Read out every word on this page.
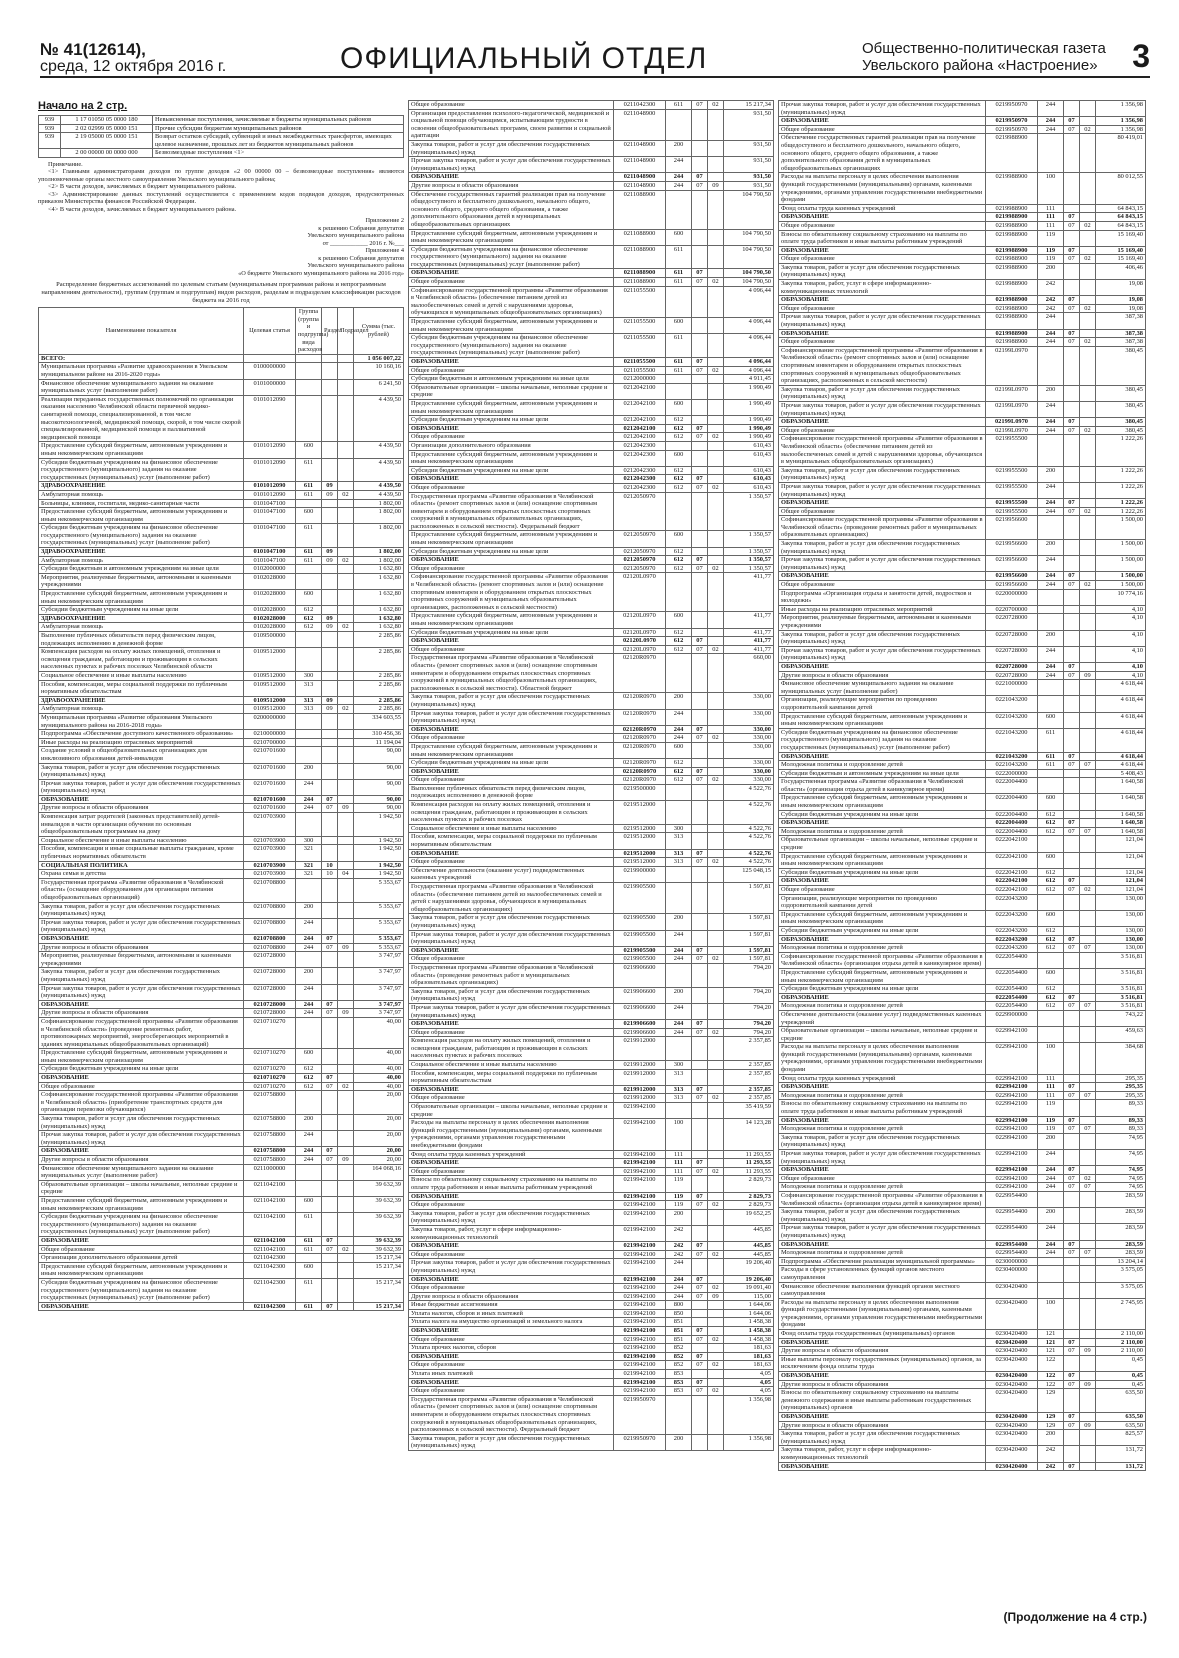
№ 41(12614),
среда, 12 октября 2016 г.	ОФИЦИАЛЬНЫЙ ОТДЕЛ	Общественно-политическая газета
Увельского района «Настроение» 3
Начало на 2 стр.
939	1 17 01050 05 0000 180	Невыясненные поступления, зачисляемые в бюджеты муниципальных районов
939	2 02 02999 05 0000 151	Прочие субсидии бюджетам муниципальных районов
939	2 19 05000 05 0000 151	Возврат остатков субсидий, субвенций и иных межбюджетных трансфертов, имеющих целевое назначение, прошлых лет из бюджетов муниципальных районов
	2 00 00000 00 0000 000	Безвозмездные поступления <1>

Примечание.

<1> Главными администраторами доходов по группе доходов «2 00 00000 00 – безвозмездные поступления» являются уполномоченные органы местного самоуправления Увельского муниципального района;

<2> В части доходов, зачисляемых в бюджет муниципального района.

<3> Администрирование данных поступлений осуществляется с применением кодов подвидов доходов, предусмотренных приказом Министерства финансов Российской Федерации.

<4> В части доходов, зачисляемых в бюджет муниципального района.

Приложение 2
к решению Собрания депутатов
Увельского муниципального района
от ____________ 2016 г. №___
Приложение 4
к решению Собрания депутатов
Увельского муниципального района
«О бюджете Увельского муниципального района на 2016 год»
Распределение бюджетных ассигнований по целевым статьям (муниципальным программам района и непрограммным направлениям деятельности), группам (группам и подгруппам) видов расходов, разделам и подразделам классификации расходов бюджета на 2016 год
Наименование показателя	Целевая статья	Группа (группа и подгруппа) вида расходов	Раздел	Подраздел	Сумма (тыс. рублей)
ВСЕГО:					1 056 007,22
Муниципальная программа «Развитие здравоохранения в Увельском муниципальном районе на 2016-2020 годы»	0100000000				10 160,16
Финансовое обеспечение муниципального задания на оказание муниципальных услуг (выполнение работ)	0101000000				6 241,50
Реализация переданных государственных полномочий по организации оказания населению Челябинской области первичной медико-санитарной помощи, специализированной, в том числе высокотехнологичной, медицинской помощи, скорой, в том числе скорой специализированной, медицинской помощи и паллиативной медицинской помощи	0101012090				4 439,50
Предоставление субсидий бюджетным, автономным учреждениям и иным некоммерческим организациям	0101012090	600			4 439,50
Субсидии бюджетным учреждениям на финансовое обеспечение государственного (муниципального) задания на оказание государственных (муниципальных) услуг (выполнение работ)	0101012090	611			4 439,50
ЗДРАВООХРАНЕНИЕ	0101012090	611	09		4 439,50
Амбулаторная помощь	0101012090	611	09	02	4 439,50
Больницы, клиники, госпитали, медико-санитарные части	0101047100				1 802,00
Предоставление субсидий бюджетным, автономным учреждениям и иным некоммерческим организациям	0101047100	600			1 802,00
Субсидии бюджетным учреждениям на финансовое обеспечение государственного (муниципального) задания на оказание государственных (муниципальных) услуг (выполнение работ)	0101047100	611			1 802,00
ЗДРАВООХРАНЕНИЕ	0101047100	611	09		1 802,00
Амбулаторная помощь	0101047100	611	09	02	1 802,00
Субсидии бюджетным и автономным учреждениям на иные цели	0102000000				1 632,80
Мероприятия, реализуемые бюджетными, автономными и казенными учреждениями	0102028000				1 632,80
Предоставление субсидий бюджетным, автономным учреждениям и иным некоммерческим организациям	0102028000	600			1 632,80
Субсидии бюджетным учреждениям на иные цели	0102028000	612			1 632,80
ЗДРАВООХРАНЕНИЕ	0102028000	612	09		1 632,80
Амбулаторная помощь	0102028000	612	09	02	1 632,80
Выполнение публичных обязательств перед физическим лицом, подлежащих исполнению в денежной форме	0109500000				2 285,86
Компенсация расходов на оплату жилых помещений, отопления и освещения гражданам, работающим и проживающим в сельских населенных пунктах и рабочих поселках Челябинской области	0109512000				2 285,86
Социальное обеспечение и иные выплаты населению	0109512000	300			2 285,86
Пособия, компенсации, меры социальной поддержки по публичным нормативным обязательствам	0109512000	313			2 285,86
ЗДРАВООХРАНЕНИЕ	0109512000	313	09		2 285,86
Амбулаторная помощь	0109512000	313	09	02	2 285,86
Муниципальная программа «Развитие образования Увельского муниципального района на 2016-2018 годы»	0200000000				334 603,55
Подпрограмма «Обеспечение доступного качественного образования»	0210000000				310 456,36
Иные расходы на реализацию отраслевых мероприятий	0210700000				11 194,04
Создание условий в общеобразовательных организациях для инклюзивного образования детей-инвалидов	0210701600				90,00
Закупка товаров, работ и услуг для обеспечения государственных (муниципальных) нужд	0210701600	200			90,00
Прочая закупка товаров, работ и услуг для обеспечения государственных (муниципальных) нужд	0210701600	244			90,00
ОБРАЗОВАНИЕ	0210701600	244	07		90,00
Другие вопросы в области образования	0210701600	244	07	09	90,00
Компенсация затрат родителей (законных представителей) детей-инвалидов в части организации обучения по основным общеобразовательным программам на дому	0210703900				1 942,50
Социальное обеспечение и иные выплаты населению	0210703900	300			1 942,50
Пособия, компенсации и иные социальные выплаты гражданам, кроме публичных нормативных обязательств	0210703900	321			1 942,50
СОЦИАЛЬНАЯ ПОЛИТИКА	0210703900	321	10		1 942,50
Охрана семьи и детства	0210703900	321	10	04	1 942,50
Государственная программа «Развитие образования в Челябинской области» (оснащение оборудованием для организации питания общеобразовательных организаций)	0210708800				5 353,67
Закупка товаров, работ и услуг для обеспечения государственных (муниципальных) нужд	0210708800	200			5 353,67
Прочая закупка товаров, работ и услуг для обеспечения государственных (муниципальных) нужд	0210708800	244			5 353,67
ОБРАЗОВАНИЕ	0210708800	244	07		5 353,67
Другие вопросы в области образования	0210708800	244	07	09	5 353,67
Мероприятия, реализуемые бюджетными, автономными и казенными учреждениями	0210728000				3 747,97
Закупка товаров, работ и услуг для обеспечения государственных (муниципальных) нужд	0210728000	200			3 747,97
Прочая закупка товаров, работ и услуг для обеспечения государственных (муниципальных) нужд	0210728000	244			3 747,97
ОБРАЗОВАНИЕ	0210728000	244	07		3 747,97
Другие вопросы в области образования	0210728000	244	07	09	3 747,97
Софинансирование государственной программы «Развитие образования в Челябинской области» (проведение ремонтных работ, противопожарных мероприятий, энергосберегающих мероприятий в зданиях муниципальных общеобразовательных организаций)	0210710270				40,00
Предоставление субсидий бюджетным, автономным учреждениям и иным некоммерческим организациям	0210710270	600			40,00
Субсидии бюджетным учреждениям на иные цели	0210710270	612			40,00
ОБРАЗОВАНИЕ	0210710270	612	07		40,00
Общее образование	0210710270	612	07	02	40,00
Софинансирование государственной программы «Развитие образования в Челябинской области» (приобретение транспортных средств для организации перевозки обучающихся)	0210758800				20,00
Закупка товаров, работ и услуг для обеспечения государственных (муниципальных) нужд	0210758800	200			20,00
Прочая закупка товаров, работ и услуг для обеспечения государственных (муниципальных) нужд	0210758800	244			20,00
ОБРАЗОВАНИЕ	0210758800	244	07		20,00
Другие вопросы в области образования	0210758800	244	07	09	20,00
Финансовое обеспечение муниципального задания на оказание муниципальных услуг (выполнение работ)	0211000000				164 068,16
Образовательные организации – школы начальные, неполные средние и средние	0211042100				39 632,39
Предоставление субсидий бюджетным, автономным учреждениям и иным некоммерческим организациям	0211042100	600			39 632,39
Субсидии бюджетным учреждениям на финансовое обеспечение государственного (муниципального) задания на оказание государственных (муниципальных) услуг (выполнение работ)	0211042100	611			39 632,39
ОБРАЗОВАНИЕ	0211042100	611	07		39 632,39
Общее образование	0211042100	611	07	02	39 632,39
Организации дополнительного образования детей	0211042300				15 217,34
Предоставление субсидий бюджетным, автономным учреждениям и иным некоммерческим организациям	0211042300	600			15 217,34
Субсидии бюджетным учреждениям на финансовое обеспечение государственного (муниципального) задания на оказание государственных (муниципальных) услуг (выполнение работ)	0211042300	611			15 217,34
ОБРАЗОВАНИЕ	0211042300	611	07		15 217,34
Общее образование	0211042300	611	07	02	15 217,34
Организация предоставления психолого-педагогической, медицинской и социальной помощи обучающимся, испытывающим трудности в освоении общеобразовательных программ, своем развитии и социальной адаптации	0211048900				931,50
Закупка товаров, работ и услуг для обеспечения государственных (муниципальных) нужд	0211048900	200			931,50
Прочая закупка товаров, работ и услуг для обеспечения государственных (муниципальных) нужд	0211048900	244			931,50
ОБРАЗОВАНИЕ	0211048900	244	07		931,50
Другие вопросы в области образования	0211048900	244	07	09	931,50
Обеспечение государственных гарантий реализации прав на получение общедоступного и бесплатного дошкольного, начального общего, основного общего, среднего общего образования, а также дополнительного образования детей в муниципальных общеобразовательных организациях	0211088900				104 790,50
Предоставление субсидий бюджетным, автономным учреждениям и иным некоммерческим организациям	0211088900	600			104 790,50
Субсидии бюджетным учреждениям на финансовое обеспечение государственного (муниципального) задания на оказание государственных (муниципальных) услуг (выполнение работ)	0211088900	611			104 790,50
ОБРАЗОВАНИЕ	0211088900	611	07		104 790,50
Общее образование	0211088900	611	07	02	104 790,50
Софинансирование государственной программы «Развитие образования в Челябинской области» (обеспечение питанием детей из малообеспеченных семей и детей с нарушениями здоровья, обучающихся в муниципальных общеобразовательных организациях)	0211055500				4 096,44
Предоставление субсидий бюджетным, автономным учреждениям и иным некоммерческим организациям	0211055500	600			4 096,44
Субсидии бюджетным учреждениям на финансовое обеспечение государственного (муниципального) задания на оказание государственных (муниципальных) услуг (выполнение работ)	0211055500	611			4 096,44
ОБРАЗОВАНИЕ	0211055500	611	07		4 096,44
Общее образование	0211055500	611	07	02	4 096,44
Субсидии бюджетным и автономным учреждениям на иные цели	0212000000				4 911,45
Образовательные организации – школы начальные, неполные средние и средние	0212042100				1 990,49
Предоставление субсидий бюджетным, автономным учреждениям и иным некоммерческим организациям	0212042100	600			1 990,49
Субсидии бюджетным учреждениям на иные цели	0212042100	612			1 990,49
ОБРАЗОВАНИЕ	0212042100	612	07		1 990,49
Общее образование	0212042100	612	07	02	1 990,49
Организации дополнительного образования	0212042300				610,43
Предоставление субсидий бюджетным, автономным учреждениям и иным некоммерческим организациям	0212042300	600			610,43
Субсидии бюджетным учреждениям на иные цели	0212042300	612			610,43
ОБРАЗОВАНИЕ	0212042300	612	07		610,43
Общее образование	0212042300	612	07	02	610,43
Государственная программа «Развитие образования в Челябинской области» (ремонт спортивных залов и (или) оснащение спортивным инвентарем и оборудованием открытых плоскостных спортивных сооружений в муниципальных образовательных организациях, расположенных в сельской местности). Федеральный бюджет	0212050970				1 350,57
Предоставление субсидий бюджетным, автономным учреждениям и иным некоммерческим организациям	0212050970	600			1 350,57
Субсидии бюджетным учреждениям на иные цели	0212050970	612			1 350,57
ОБРАЗОВАНИЕ	0212050970	612	07		1 350,57
Общее образование	0212050970	612	07	02	1 350,57
Софинансирование государственной программы «Развитие образования в Челябинской области» (ремонт спортивных залов и (или) оснащение спортивным инвентарем и оборудованием открытых плоскостных спортивных сооружений в муниципальных образовательных организациях, расположенных в сельской местности)	02120L0970				411,77
Предоставление субсидий бюджетным, автономным учреждениям и иным некоммерческим организациям	02120L0970	600			411,77
Субсидии бюджетным учреждениям на иные цели	02120L0970	612			411,77
ОБРАЗОВАНИЕ	02120L0970	612	07		411,77
Общее образование	02120L0970	612	07	02	411,77
Государственная программа «Развитие образования в Челябинской области» (ремонт спортивных залов и (или) оснащение спортивным инвентарем и оборудованием открытых плоскостных спортивных сооружений в муниципальных общеобразовательных организациях, расположенных в сельской местности). Областной бюджет	02120R0970				660,00
Закупка товаров, работ и услуг для обеспечения государственных (муниципальных) нужд	02120R0970	200			330,00
Прочая закупка товаров, работ и услуг для обеспечения государственных (муниципальных) нужд	02120R0970	244			330,00
ОБРАЗОВАНИЕ	02120R0970	244	07		330,00
Общее образование	02120R0970	244	07	02	330,00
Предоставление субсидий бюджетным, автономным учреждениям и иным некоммерческим организациям	02120R0970	600			330,00
Субсидии бюджетным учреждениям на иные цели	02120R0970	612			330,00
ОБРАЗОВАНИЕ	02120R0970	612	07		330,00
Общее образование	02120R0970	612	07	02	330,00
Выполнение публичных обязательств перед физическим лицом, подлежащих исполнению в денежной форме	0219500000				4 522,76
Компенсация расходов на оплату жилых помещений, отопления и освещения гражданам, работающим и проживающим в сельских населенных пунктах и рабочих поселках	0219512000				4 522,76
Социальное обеспечение и иные выплаты населению	0219512000	300			4 522,76
Пособия, компенсации, меры социальной поддержки по публичным нормативным обязательствам	0219512000	313			4 522,76
ОБРАЗОВАНИЕ	0219512000	313	07		4 522,76
Общее образование	0219512000	313	07	02	4 522,76
Обеспечение деятельности (оказание услуг) подведомственных казенных учреждений	0219900000				125 048,15
Государственная программа «Развитие образования в Челябинской области» (обеспечение питанием детей из малообеспеченных семей и детей с нарушениями здоровья, обучающихся в муниципальных общеобразовательных организациях)	0219905500				1 597,81
Закупка товаров, работ и услуг для обеспечения государственных (муниципальных) нужд	0219905500	200			1 597,81
Прочая закупка товаров, работ и услуг для обеспечения государственных (муниципальных) нужд	0219905500	244			1 597,81
ОБРАЗОВАНИЕ	0219905500	244	07		1 597,81
Общее образование	0219905500	244	07	02	1 597,81
Государственная программа «Развитие образования в Челябинской области» (проведение ремонтных работ в муниципальных образовательных организациях)	0219906600				794,20
Закупка товаров, работ и услуг для обеспечения государственных (муниципальных) нужд	0219906600	200			794,20
Прочая закупка товаров, работ и услуг для обеспечения государственных (муниципальных) нужд	0219906600	244			794,20
ОБРАЗОВАНИЕ	0219906600	244	07		794,20
Общее образование	0219906600	244	07	02	794,20
Компенсация расходов на оплату жилых помещений, отопления и освещения гражданам, работающим и проживающим в сельских населенных пунктах и рабочих поселках	0219912000				2 357,85
Социальное обеспечение и иные выплаты населению	0219912000	300			2 357,85
Пособия, компенсации, меры социальной поддержки по публичным нормативным обязательствам	0219912000	313			2 357,85
ОБРАЗОВАНИЕ	0219912000	313	07		2 357,85
Общее образование	0219912000	313	07	02	2 357,85
Образовательные организации – школы начальные, неполные средние и средние	0219942100				35 419,59
Расходы на выплаты персоналу в целях обеспечения выполнения функций государственными (муниципальными) органами, казенными учреждениями, органами управления государственными внебюджетными фондами	0219942100	100			14 123,28
Фонд оплаты труда казенных учреждений	0219942100	111			11 293,55
ОБРАЗОВАНИЕ	0219942100	111	07		11 293,55
Общее образование	0219942100	111	07	02	11 293,55
Взносы по обязательному социальному страхованию на выплаты по оплате труда работников и иные выплаты работникам учреждений	0219942100	119			2 829,73
ОБРАЗОВАНИЕ	0219942100	119	07		2 829,73
Общее образование	0219942100	119	07	02	2 829,73
Закупка товаров, работ и услуг для обеспечения государственных (муниципальных) нужд	0219942100	200			19 652,25
Закупка товаров, работ, услуг в сфере информационно-коммуникационных технологий	0219942100	242			445,85
ОБРАЗОВАНИЕ	0219942100	242	07		445,85
Общее образование	0219942100	242	07	02	445,85
Прочая закупка товаров, работ и услуг для обеспечения государственных (муниципальных) нужд	0219942100	244			19 206,40
ОБРАЗОВАНИЕ	0219942100	244	07		19 206,40
Общее образование	0219942100	244	07	02	19 091,40
Другие вопросы в области образования	0219942100	244	07	09	115,00
Иные бюджетные ассигнования	0219942100	800			1 644,06
Уплата налогов, сборов и иных платежей	0219942100	850			1 644,06
Уплата налога на имущество организаций и земельного налога	0219942100	851			1 458,38
ОБРАЗОВАНИЕ	0219942100	851	07		1 458,38
Общее образование	0219942100	851	07	02	1 458,38
Уплата прочих налогов, сборов	0219942100	852			181,63
ОБРАЗОВАНИЕ	0219942100	852	07		181,63
Общее образование	0219942100	852	07	02	181,63
Уплата иных платежей	0219942100	853			4,05
ОБРАЗОВАНИЕ	0219942100	853	07		4,05
Общее образование	0219942100	853	07	02	4,05
Государственная программа «Развитие образования в Челябинской области» (ремонт спортивных залов и (или) оснащение спортивным инвентарем и оборудованием открытых плоскостных спортивных сооружений в муниципальных общеобразовательных организациях, расположенных в сельской местности). Федеральный бюджет	0219950970				1 356,98
Закупка товаров, работ и услуг для обеспечения государственных (муниципальных) нужд	0219950970	200			1 356,98
Прочая закупка товаров, работ и услуг для обеспечения государственных (муниципальных) нужд	0219950970	244			1 356,98
ОБРАЗОВАНИЕ	0219950970	244	07		1 356,98
Общее образование	0219950970	244	07	02	1 356,98
Обеспечение государственных гарантий реализации прав на получение общедоступного и бесплатного дошкольного, начального общего, основного общего, среднего общего образования, а также дополнительного образования детей в муниципальных общеобразовательных организациях	0219988900				80 419,01
Расходы на выплаты персоналу в целях обеспечения выполнения функций государственными (муниципальными) органами, казенными учреждениями, органами управления государственными внебюджетными фондами	0219988900	100			80 012,55
Фонд оплаты труда казенных учреждений	0219988900	111			64 843,15
ОБРАЗОВАНИЕ	0219988900	111	07		64 843,15
Общее образование	0219988900	111	07	02	64 843,15
Взносы по обязательному социальному страхованию на выплаты по оплате труда работников и иные выплаты работникам учреждений	0219988900	119			15 169,40
ОБРАЗОВАНИЕ	0219988900	119	07		15 169,40
Общее образование	0219988900	119	07	02	15 169,40
Закупка товаров, работ и услуг для обеспечения государственных (муниципальных) нужд	0219988900	200			406,46
Закупка товаров, работ, услуг в сфере информационно-коммуникационных технологий	0219988900	242			19,08
ОБРАЗОВАНИЕ	0219988900	242	07		19,08
Общее образование	0219988900	242	07	02	19,08
Прочая закупка товаров, работ и услуг для обеспечения государственных (муниципальных) нужд	0219988900	244			387,38
ОБРАЗОВАНИЕ	0219988900	244	07		387,38
Общее образование	0219988900	244	07	02	387,38
Софинансирование государственной программы «Развитие образования в Челябинской области» (ремонт спортивных залов и (или) оснащение спортивным инвентарем и оборудованием открытых плоскостных спортивных сооружений в муниципальных общеобразовательных организациях, расположенных в сельской местности)	02199L0970				380,45
Закупка товаров, работ и услуг для обеспечения государственных (муниципальных) нужд	02199L0970	200			380,45
Прочая закупка товаров, работ и услуг для обеспечения государственных (муниципальных) нужд	02199L0970	244			380,45
ОБРАЗОВАНИЕ	02199L0970	244	07		380,45
Общее образование	02199L0970	244	07	02	380,45
Софинансирование государственной программы «Развитие образования в Челябинской области» (обеспечение питанием детей из малообеспеченных семей и детей с нарушениями здоровья, обучающихся в муниципальных общеобразовательных организациях)	0219955500				1 222,26
Закупка товаров, работ и услуг для обеспечения государственных (муниципальных) нужд	0219955500	200			1 222,26
Прочая закупка товаров, работ и услуг для обеспечения государственных (муниципальных) нужд	0219955500	244			1 222,26
ОБРАЗОВАНИЕ	0219955500	244	07		1 222,26
Общее образование	0219955500	244	07	02	1 222,26
Софинансирование государственной программы «Развитие образования в Челябинской области» (проведение ремонтных работ в муниципальных образовательных организациях)	0219956600				1 500,00
Закупка товаров, работ и услуг для обеспечения государственных (муниципальных) нужд	0219956600	200			1 500,00
Прочая закупка товаров, работ и услуг для обеспечения государственных (муниципальных) нужд	0219956600	244			1 500,00
ОБРАЗОВАНИЕ	0219956600	244	07		1 500,00
Общее образование	0219956600	244	07	02	1 500,00
Подпрограмма «Организация отдыха и занятости детей, подростков и молодежи»	0220000000				10 774,16
Иные расходы на реализацию отраслевых мероприятий	0220700000				4,10
Мероприятия, реализуемые бюджетными, автономными и казенными учреждениями	0220728000				4,10
Закупка товаров, работ и услуг для обеспечения государственных (муниципальных) нужд	0220728000	200			4,10
Прочая закупка товаров, работ и услуг для обеспечения государственных (муниципальных) нужд	0220728000	244			4,10
ОБРАЗОВАНИЕ	0220728000	244	07		4,10
Другие вопросы в области образования	0220728000	244	07	09	4,10
Финансовое обеспечение муниципального задания на оказание муниципальных услуг (выполнение работ)	0221000000				4 618,44
Организации, реализующие мероприятия по проведению оздоровительной кампании детей	0221043200				4 618,44
Предоставление субсидий бюджетным, автономным учреждениям и иным некоммерческим организациям	0221043200	600			4 618,44
Субсидии бюджетным учреждениям на финансовое обеспечение государственного (муниципального) задания на оказание государственных (муниципальных) услуг (выполнение работ)	0221043200	611			4 618,44
ОБРАЗОВАНИЕ	0221043200	611	07		4 618,44
Молодежная политика и оздоровление детей	0221043200	611	07	07	4 618,44
Субсидии бюджетным и автономным учреждениям на иные цели	0222000000				5 408,43
Государственная программа «Развитие образования в Челябинской области» (организация отдыха детей в каникулярное время)	0222004400				1 640,58
Предоставление субсидий бюджетным, автономным учреждениям и иным некоммерческим организациям	0222004400	600			1 640,58
Субсидии бюджетным учреждениям на иные цели	0222004400	612			1 640,58
ОБРАЗОВАНИЕ	0222004400	612	07		1 640,58
Молодежная политика и оздоровление детей	0222004400	612	07	07	1 640,58
Образовательные организации – школы начальные, неполные средние и средние	0222042100				121,04
Предоставление субсидий бюджетным, автономным учреждениям и иным некоммерческим организациям	0222042100	600			121,04
Субсидии бюджетным учреждениям на иные цели	0222042100	612			121,04
ОБРАЗОВАНИЕ	0222042100	612	07		121,04
Общее образование	0222042100	612	07	02	121,04
Организации, реализующие мероприятия по проведению оздоровительной кампании детей	0222043200				130,00
Предоставление субсидий бюджетным, автономным учреждениям и иным некоммерческим организациям	0222043200	600			130,00
Субсидии бюджетным учреждениям на иные цели	0222043200	612			130,00
ОБРАЗОВАНИЕ	0222043200	612	07		130,00
Молодежная политика и оздоровление детей	0222043200	612	07	07	130,00
Софинансирование государственной программы «Развитие образования в Челябинской области» (организация отдыха детей в каникулярное время)	0222054400				3 516,81
Предоставление субсидий бюджетным, автономным учреждениям и иным некоммерческим организациям	0222054400	600			3 516,81
Субсидии бюджетным учреждениям на иные цели	0222054400	612			3 516,81
ОБРАЗОВАНИЕ	0222054400	612	07		3 516,81
Молодежная политика и оздоровление детей	0222054400	612	07	07	3 516,81
Обеспечение деятельности (оказание услуг) подведомственных казенных учреждений	0229900000				743,22
Образовательные организации – школы начальные, неполные средние и средние	0229942100				459,63
Расходы на выплаты персоналу в целях обеспечения выполнения функций государственными (муниципальными) органами, казенными учреждениями, органами управления государственными внебюджетными фондами	0229942100	100			384,68
Фонд оплаты труда казенных учреждений	0229942100	111			295,35
ОБРАЗОВАНИЕ	0229942100	111	07		295,35
Молодежная политика и оздоровление детей	0229942100	111	07	07	295,35
Взносы по обязательному социальному страхованию на выплаты по оплате труда работников и иные выплаты работникам учреждений	0229942100	119			89,33
ОБРАЗОВАНИЕ	0229942100	119	07		89,33
Молодежная политика и оздоровление детей	0229942100	119	07	07	89,33
Закупка товаров, работ и услуг для обеспечения государственных (муниципальных) нужд	0229942100	200			74,95
Прочая закупка товаров, работ и услуг для обеспечения государственных (муниципальных) нужд	0229942100	244			74,95
ОБРАЗОВАНИЕ	0229942100	244	07		74,95
Общее образование	0229942100	244	07	02	74,95
Молодежная политика и оздоровление детей	0229942100	244	07	07	74,95
Софинансирование государственной программы «Развитие образования в Челябинской области» (организация отдыха детей в каникулярное время)	0229954400				283,59
Закупка товаров, работ и услуг для обеспечения государственных (муниципальных) нужд	0229954400	200			283,59
Прочая закупка товаров, работ и услуг для обеспечения государственных (муниципальных) нужд	0229954400	244			283,59
ОБРАЗОВАНИЕ	0229954400	244	07		283,59
Молодежная политика и оздоровление детей	0229954400	244	07	07	283,59
Подпрограмма «Обеспечение реализации муниципальной программы»	0230000000				13 204,14
Расходы в сфере установленных функций органов местного самоуправления	0230400000				3 575,05
Финансовое обеспечение выполнения функций органов местного самоуправления	0230420400				3 575,05
Расходы на выплаты персоналу в целях обеспечения выполнения функций государственными (муниципальными) органами, казенными учреждениями, органами управления государственными внебюджетными фондами	0230420400	100			2 745,95
Фонд оплаты труда государственных (муниципальных) органов	0230420400	121			2 110,00
ОБРАЗОВАНИЕ	0230420400	121	07		2 110,00
Другие вопросы в области образования	0230420400	121	07	09	2 110,00
Иные выплаты персоналу государственных (муниципальных) органов, за исключением фонда оплаты труда	0230420400	122			0,45
ОБРАЗОВАНИЕ	0230420400	122	07		0,45
Другие вопросы в области образования	0230420400	122	07	09	0,45
Взносы по обязательному социальному страхованию на выплаты денежного содержания и иные выплаты работникам государственных (муниципальных) органов	0230420400	129			635,50
ОБРАЗОВАНИЕ	0230420400	129	07		635,50
Другие вопросы в области образования	0230420400	129	07	09	635,50
Закупка товаров, работ и услуг для обеспечения государственных (муниципальных) нужд	0230420400	200			825,57
Закупка товаров, работ, услуг в сфере информационно-коммуникационных технологий	0230420400	242			131,72
ОБРАЗОВАНИЕ	0230420400	242	07		131,72
(Продолжение на 4 стр.)
